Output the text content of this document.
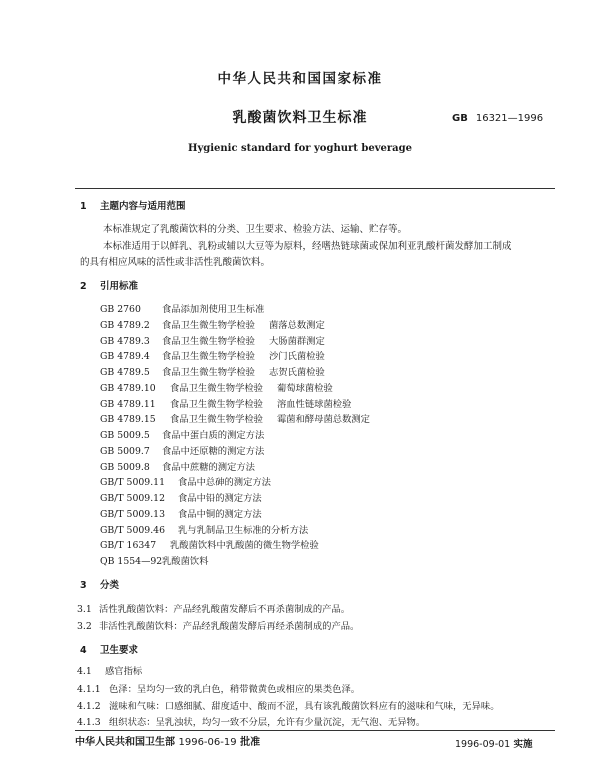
中华人民共和国国家标准
乳酸菌饮料卫生标准	GB 16321—1996
Hygienic standard for yoghurt beverage
1 主题内容与适用范围
本标准规定了乳酸菌饮料的分类、卫生要求、检验方法、运输、贮存等。
本标准适用于以鲜乳、乳粉或辅以大豆等为原料，经嗜热链球菌或保加利亚乳酸杆菌发酵加工制成
的具有相应风味的活性或非活性乳酸菌饮料。
2 引用标准
GB 2760 食品添加剂使用卫生标准
GB 4789.2 食品卫生微生物学检验 菌落总数测定
GB 4789.3 食品卫生微生物学检验 大肠菌群测定
GB 4789.4 食品卫生微生物学检验 沙门氏菌检验
GB 4789.5 食品卫生微生物学检验 志贺氏菌检验
GB 4789.10 食品卫生微生物学检验 葡萄球菌检验
GB 4789.11 食品卫生微生物学检验 溶血性链球菌检验
GB 4789.15 食品卫生微生物学检验 霉菌和酵母菌总数测定
GB 5009.5 食品中蛋白质的测定方法
GB 5009.7 食品中还原糖的测定方法
GB 5009.8 食品中蔗糖的测定方法
GB/T 5009.11 食品中总砷的测定方法
GB/T 5009.12 食品中铅的测定方法
GB/T 5009.13 食品中铜的测定方法
GB/T 5009.46 乳与乳制品卫生标准的分析方法
GB/T 16347 乳酸菌饮料中乳酸菌的微生物学检验
QB 1554—92乳酸菌饮料
3 分类
3.1 活性乳酸菌饮料：产品经乳酸菌发酵后不再杀菌制成的产品。
3.2 非活性乳酸菌饮料：产品经乳酸菌发酵后再经杀菌制成的产品。
4 卫生要求
4.1 感官指标
4.1.1 色泽：呈均匀一致的乳白色，稍带微黄色或相应的果类色泽。
4.1.2 滋味和气味：口感细腻、甜度适中、酸而不涩，具有该乳酸菌饮料应有的滋味和气味，无异味。
4.1.3 组织状态：呈乳浊状，均匀一致不分层，允许有少量沉淀，无气泡、无异物。
中华人民共和国卫生部 1996-06-19 批准	1996-09-01 实施
